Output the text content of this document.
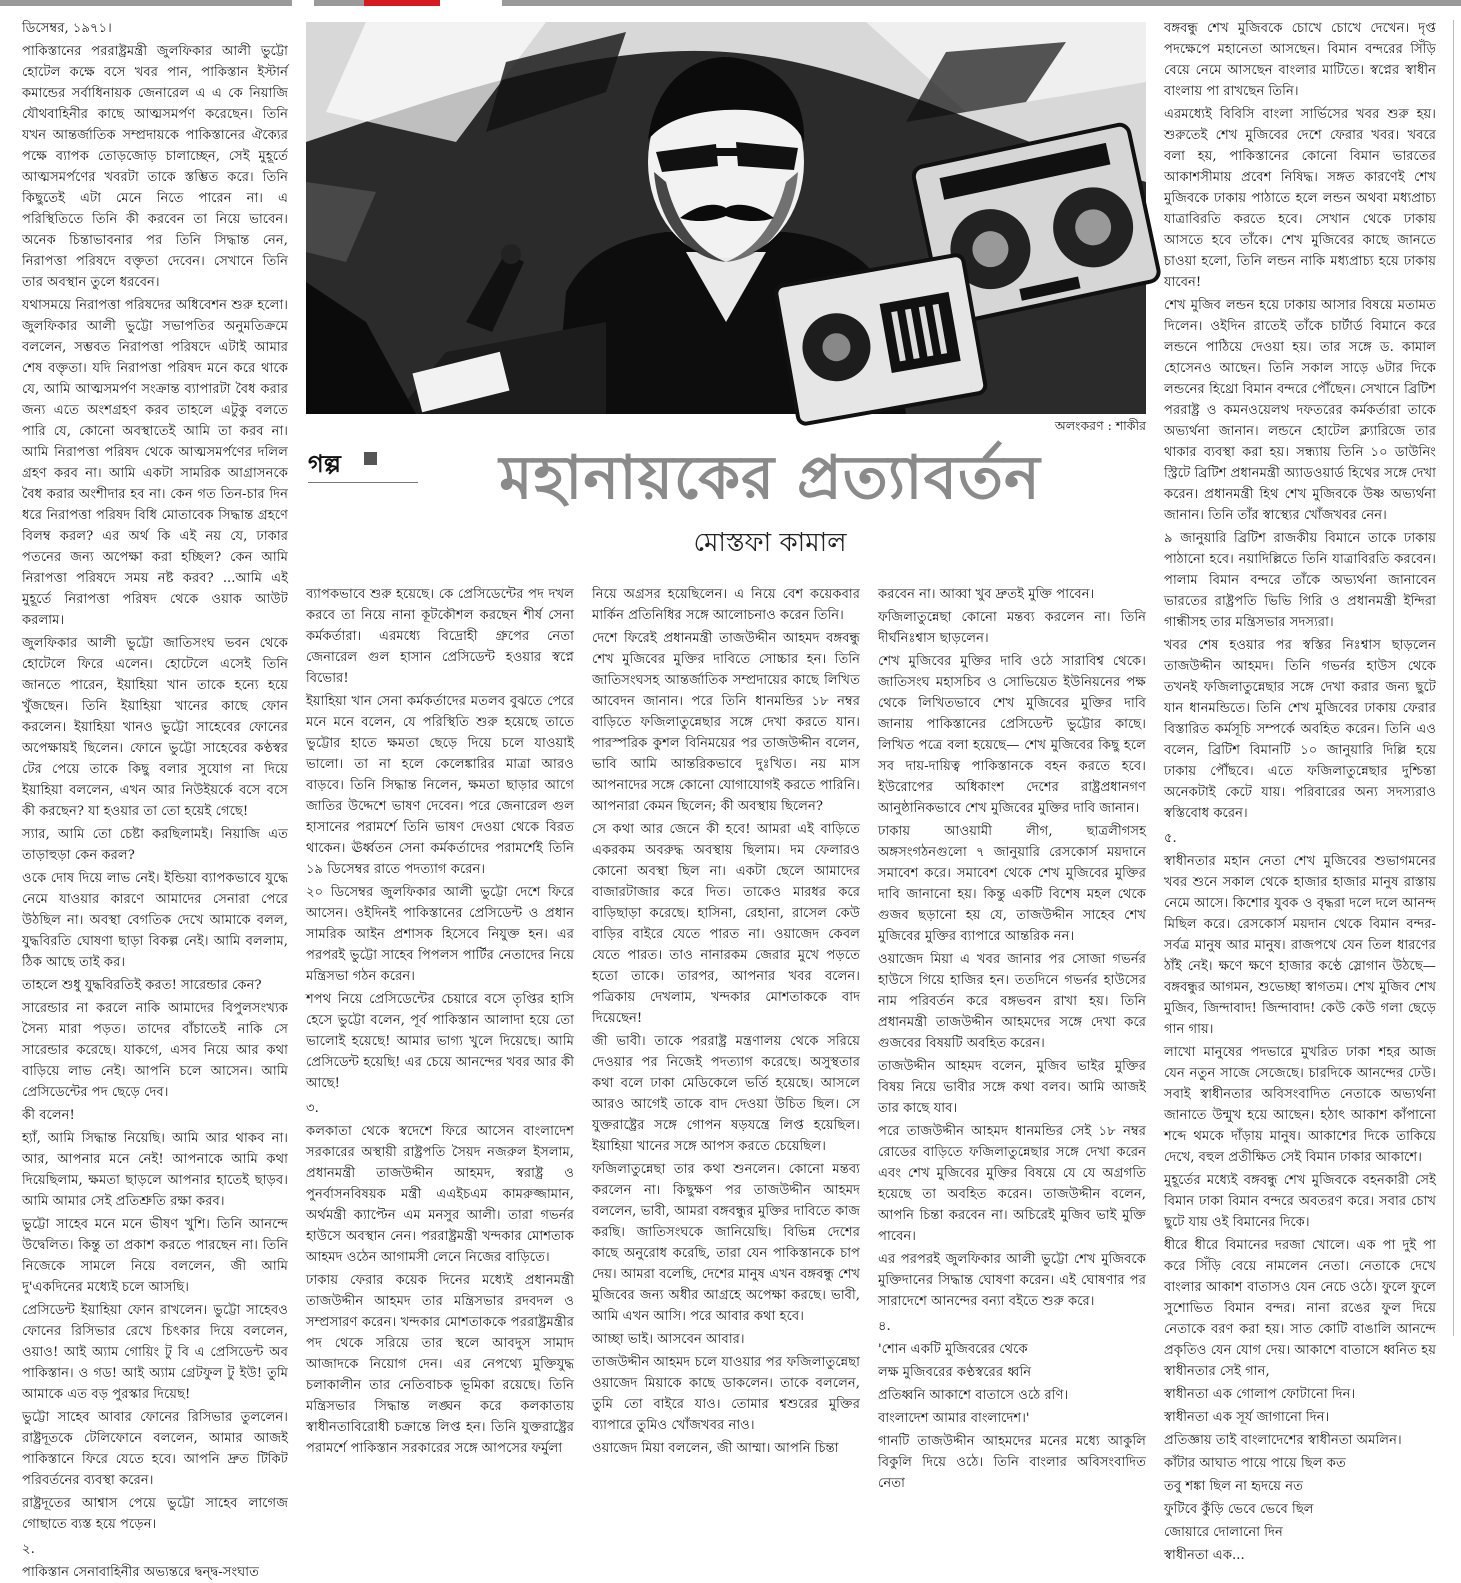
অলংকরণ : শাকীর
গল্প	মহানায়কের প্রত্যাবর্তন
মোস্তফা কামাল

ডিসেম্বর, ১৯৭১।

পাকিস্তানের পররাষ্ট্রমন্ত্রী জুলফিকার আলী ভুট্টো হোটেল কক্ষে বসে খবর পান, পাকিস্তান ইস্টার্ন কমান্ডের সর্বাধিনায়ক জেনারেল এ এ কে নিয়াজি যৌথবাহিনীর কাছে আত্মসমর্পণ করেছেন। তিনি যখন আন্তর্জাতিক সম্প্রদায়কে পাকিস্তানের ঐক্যের পক্ষে ব্যাপক তোড়জোড় চালাচ্ছেন, সেই মুহূর্তে আত্মসমর্পণের খবরটা তাকে স্তম্ভিত করে। তিনি কিছুতেই এটা মেনে নিতে পারেন না। এ পরিস্থিতিতে তিনি কী করবেন তা নিয়ে ভাবেন। অনেক চিন্তাভাবনার পর তিনি সিদ্ধান্ত নেন, নিরাপত্তা পরিষদে বক্তৃতা দেবেন। সেখানে তিনি তার অবস্থান তুলে ধরবেন।

যথাসময়ে নিরাপত্তা পরিষদের অধিবেশন শুরু হলো। জুলফিকার আলী ভুট্টো সভাপতির অনুমতিক্রমে বললেন, সম্ভবত নিরাপত্তা পরিষদে এটাই আমার শেষ বক্তৃতা। যদি নিরাপত্তা পরিষদ মনে করে থাকে যে, আমি আত্মসমর্পণ সংক্রান্ত ব্যাপারটা বৈধ করার জন্য এতে অংশগ্রহণ করব তাহলে এটুকু বলতে পারি যে, কোনো অবস্থাতেই আমি তা করব না। আমি নিরাপত্তা পরিষদ থেকে আত্মসমর্পণের দলিল গ্রহণ করব না। আমি একটা সামরিক আগ্রাসনকে বৈধ করার অংশীদার হব না। কেন গত তিন-চার দিন ধরে নিরাপত্তা পরিষদ বিধি মোতাবেক সিদ্ধান্ত গ্রহণে বিলম্ব করল? এর অর্থ কি এই নয় যে, ঢাকার পতনের জন্য অপেক্ষা করা হচ্ছিল? কেন আমি নিরাপত্তা পরিষদে সময় নষ্ট করব? ...আমি এই মুহূর্তে নিরাপত্তা পরিষদ থেকে ওয়াক আউট করলাম।

জুলফিকার আলী ভুট্টো জাতিসংঘ ভবন থেকে হোটেলে ফিরে এলেন। হোটেলে এসেই তিনি জানতে পারেন, ইয়াহিয়া খান তাকে হন্যে হয়ে খুঁজছেন। তিনি ইয়াহিয়া খানের কাছে ফোন করলেন। ইয়াহিয়া খানও ভুট্টো সাহেবের ফোনের অপেক্ষায়ই ছিলেন। ফোনে ভুট্টো সাহেবের কণ্ঠস্বর টের পেয়ে তাকে কিছু বলার সুযোগ না দিয়ে ইয়াহিয়া বললেন, এখন আর নিউইয়র্কে বসে বসে কী করছেন? যা হওয়ার তা তো হয়েই গেছে!

স্যার, আমি তো চেষ্টা করছিলামই। নিয়াজি এত তাড়াহুড়া কেন করল?

ওকে দোষ দিয়ে লাভ নেই। ইন্ডিয়া ব্যাপকভাবে যুদ্ধে নেমে যাওয়ার কারণে আমাদের সেনারা পেরে উঠছিল না। অবস্থা বেগতিক দেখে আমাকে বলল, যুদ্ধবিরতি ঘোষণা ছাড়া বিকল্প নেই। আমি বললাম, ঠিক আছে তাই কর।

তাহলে শুধু যুদ্ধবিরতিই করত! সারেন্ডার কেন?

সারেন্ডার না করলে নাকি আমাদের বিপুলসংখ্যক সৈন্য মারা পড়ত। তাদের বাঁচাতেই নাকি সে সারেন্ডার করেছে। যাকগে, এসব নিয়ে আর কথা বাড়িয়ে লাভ নেই। আপনি চলে আসেন। আমি প্রেসিডেন্টের পদ ছেড়ে দেব।

কী বলেন!

হ্যাঁ, আমি সিদ্ধান্ত নিয়েছি। আমি আর থাকব না। আর, আপনার মনে নেই! আপনাকে আমি কথা দিয়েছিলাম, ক্ষমতা ছাড়লে আপনার হাতেই ছাড়ব। আমি আমার সেই প্রতিশ্রুতি রক্ষা করব।

ভুট্টো সাহেব মনে মনে ভীষণ খুশি। তিনি আনন্দে উদ্বেলিত। কিন্তু তা প্রকাশ করতে পারছেন না। তিনি নিজেকে সামলে নিয়ে বললেন, জী আমি দু'একদিনের মধ্যেই চলে আসছি।

প্রেসিডেন্ট ইয়াহিয়া ফোন রাখলেন। ভুট্টো সাহেবও ফোনের রিসিভার রেখে চিৎকার দিয়ে বললেন, ওয়াও! আই অ্যাম গোয়িং টু বি এ প্রেসিডেন্ট অব পাকিস্তান। ও গড! আই অ্যাম গ্রেটফুল টু ইউ! তুমি আমাকে এত বড় পুরস্কার দিয়েছ!

ভুট্টো সাহেব আবার ফোনের রিসিভার তুললেন। রাষ্ট্রদূতকে টেলিফোনে বললেন, আমার আজই পাকিস্তানে ফিরে যেতে হবে। আপনি দ্রুত টিকিট পরিবর্তনের ব্যবস্থা করেন।

রাষ্ট্রদূতের আশ্বাস পেয়ে ভুট্টো সাহেব লাগেজ গোছাতে ব্যস্ত হয়ে পড়েন।

২.

পাকিস্তান সেনাবাহিনীর অভ্যন্তরে দ্বন্দ্ব-সংঘাত

ব্যাপকভাবে শুরু হয়েছে। কে প্রেসিডেন্টের পদ দখল করবে তা নিয়ে নানা কূটকৌশল করছেন শীর্ষ সেনা কর্মকর্তারা। এরমধ্যে বিদ্রোহী গ্রুপের নেতা জেনারেল গুল হাসান প্রেসিডেন্ট হওয়ার স্বপ্নে বিভোর!

ইয়াহিয়া খান সেনা কর্মকর্তাদের মতলব বুঝতে পেরে মনে মনে বলেন, যে পরিস্থিতি শুরু হয়েছে তাতে ভুট্টোর হাতে ক্ষমতা ছেড়ে দিয়ে চলে যাওয়াই ভালো। তা না হলে কেলেঙ্কারির মাত্রা আরও বাড়বে। তিনি সিদ্ধান্ত নিলেন, ক্ষমতা ছাড়ার আগে জাতির উদ্দেশে ভাষণ দেবেন। পরে জেনারেল গুল হাসানের পরামর্শে তিনি ভাষণ দেওয়া থেকে বিরত থাকেন। ঊর্ধ্বতন সেনা কর্মকর্তাদের পরামর্শেই তিনি ১৯ ডিসেম্বর রাতে পদত্যাগ করেন।

২০ ডিসেম্বর জুলফিকার আলী ভুট্টো দেশে ফিরে আসেন। ওইদিনই পাকিস্তানের প্রেসিডেন্ট ও প্রধান সামরিক আইন প্রশাসক হিসেবে নিযুক্ত হন। এর পরপরই ভুট্টো সাহেব পিপলস পার্টির নেতাদের নিয়ে মন্ত্রিসভা গঠন করেন।

শপথ নিয়ে প্রেসিডেন্টের চেয়ারে বসে তৃপ্তির হাসি হেসে ভুট্টো বলেন, পূর্ব পাকিস্তান আলাদা হয়ে তো ভালোই হয়েছে! আমার ভাগ্য খুলে দিয়েছে। আমি প্রেসিডেন্ট হয়েছি! এর চেয়ে আনন্দের খবর আর কী আছে!

৩.

কলকাতা থেকে স্বদেশে ফিরে আসেন বাংলাদেশ সরকারের অস্থায়ী রাষ্ট্রপতি সৈয়দ নজরুল ইসলাম, প্রধানমন্ত্রী তাজউদ্দীন আহমদ, স্বরাষ্ট্র ও পুনর্বাসনবিষয়ক মন্ত্রী এএইচএম কামরুজ্জামান, অর্থমন্ত্রী ক্যাপ্টেন এম মনসুর আলী। তারা গভর্নর হাউসে অবস্থান নেন। পররাষ্ট্রমন্ত্রী খন্দকার মোশতাক আহমদ ওঠেন আগামসী লেনে নিজের বাড়িতে।

ঢাকায় ফেরার কয়েক দিনের মধ্যেই প্রধানমন্ত্রী তাজউদ্দীন আহমদ তার মন্ত্রিসভার রদবদল ও সম্প্রসারণ করেন। খন্দকার মোশতাককে পররাষ্ট্রমন্ত্রীর পদ থেকে সরিয়ে তার স্থলে আবদুস সামাদ আজাদকে নিয়োগ দেন। এর নেপথ্যে মুক্তিযুদ্ধ চলাকালীন তার নেতিবাচক ভূমিকা রয়েছে। তিনি মন্ত্রিসভার সিদ্ধান্ত লঙ্ঘন করে কলকাতায় স্বাধীনতাবিরোধী চক্রান্তে লিপ্ত হন। তিনি যুক্তরাষ্ট্রের পরামর্শে পাকিস্তান সরকারের সঙ্গে আপসের ফর্মুলা

নিয়ে অগ্রসর হয়েছিলেন। এ নিয়ে বেশ কয়েকবার মার্কিন প্রতিনিধির সঙ্গে আলোচনাও করেন তিনি।

দেশে ফিরেই প্রধানমন্ত্রী তাজউদ্দীন আহমদ বঙ্গবন্ধু শেখ মুজিবের মুক্তির দাবিতে সোচ্চার হন। তিনি জাতিসংঘসহ আন্তর্জাতিক সম্প্রদায়ের কাছে লিখিত আবেদন জানান। পরে তিনি ধানমন্ডির ১৮ নম্বর বাড়িতে ফজিলাতুন্নেছার সঙ্গে দেখা করতে যান। পারস্পরিক কুশল বিনিময়ের পর তাজউদ্দীন বলেন, ভাবি আমি আন্তরিকভাবে দুঃখিত। নয় মাস আপনাদের সঙ্গে কোনো যোগাযোগই করতে পারিনি। আপনারা কেমন ছিলেন; কী অবস্থায় ছিলেন?

সে কথা আর জেনে কী হবে! আমরা এই বাড়িতে একরকম অবরুদ্ধ অবস্থায় ছিলাম। দম ফেলারও কোনো অবস্থা ছিল না। একটা ছেলে আমাদের বাজারটাজার করে দিত। তাকেও মারধর করে বাড়িছাড়া করেছে। হাসিনা, রেহানা, রাসেল কেউ বাড়ির বাইরে যেতে পারত না। ওয়াজেদ কেবল যেতে পারত। তাও নানারকম জেরার মুখে পড়তে হতো তাকে। তারপর, আপনার খবর বলেন। পত্রিকায় দেখলাম, খন্দকার মোশতাককে বাদ দিয়েছেন!

জী ভাবী। তাকে পররাষ্ট্র মন্ত্রণালয় থেকে সরিয়ে দেওয়ার পর নিজেই পদত্যাগ করেছে। অসুস্থতার কথা বলে ঢাকা মেডিকেলে ভর্তি হয়েছে। আসলে আরও আগেই তাকে বাদ দেওয়া উচিত ছিল। সে যুক্তরাষ্ট্রের সঙ্গে গোপন ষড়যন্ত্রে লিপ্ত হয়েছিল। ইয়াহিয়া খানের সঙ্গে আপস করতে চেয়েছিল।

ফজিলাতুন্নেছা তার কথা শুনলেন। কোনো মন্তব্য করলেন না। কিছুক্ষণ পর তাজউদ্দীন আহমদ বললেন, ভাবী, আমরা বঙ্গবন্ধুর মুক্তির দাবিতে কাজ করছি। জাতিসংঘকে জানিয়েছি। বিভিন্ন দেশের কাছে অনুরোধ করেছি, তারা যেন পাকিস্তানকে চাপ দেয়। আমরা বলেছি, দেশের মানুষ এখন বঙ্গবন্ধু শেখ মুজিবের জন্য অধীর আগ্রহে অপেক্ষা করছে। ভাবী, আমি এখন আসি। পরে আবার কথা হবে।

আচ্ছা ভাই। আসবেন আবার।

তাজউদ্দীন আহমদ চলে যাওয়ার পর ফজিলাতুন্নেছা ওয়াজেদ মিয়াকে কাছে ডাকলেন। তাকে বললেন, তুমি তো বাইরে যাও। তোমার শ্বশুরের মুক্তির ব্যাপারে তুমিও খোঁজখবর নাও।

ওয়াজেদ মিয়া বললেন, জী আম্মা। আপনি চিন্তা

করবেন না। আব্বা খুব দ্রুতই মুক্তি পাবেন।

ফজিলাতুন্নেছা কোনো মন্তব্য করলেন না। তিনি দীর্ঘনিঃশ্বাস ছাড়লেন।

শেখ মুজিবের মুক্তির দাবি ওঠে সারাবিশ্ব থেকে। জাতিসংঘ মহাসচিব ও সোভিয়েত ইউনিয়নের পক্ষ থেকে লিখিতভাবে শেখ মুজিবের মুক্তির দাবি জানায় পাকিস্তানের প্রেসিডেন্ট ভুট্টোর কাছে। লিখিত পত্রে বলা হয়েছে— শেখ মুজিবের কিছু হলে সব দায়-দায়িত্ব পাকিস্তানকে বহন করতে হবে। ইউরোপের অধিকাংশ দেশের রাষ্ট্রপ্রধানগণ আনুষ্ঠানিকভাবে শেখ মুজিবের মুক্তির দাবি জানান।

ঢাকায় আওয়ামী লীগ, ছাত্রলীগসহ অঙ্গসংগঠনগুলো ৭ জানুয়ারি রেসকোর্স ময়দানে সমাবেশ করে। সমাবেশ থেকে শেখ মুজিবের মুক্তির দাবি জানানো হয়। কিন্তু একটি বিশেষ মহল থেকে গুজব ছড়ানো হয় যে, তাজউদ্দীন সাহেব শেখ মুজিবের মুক্তির ব্যাপারে আন্তরিক নন।

ওয়াজেদ মিয়া এ খবর জানার পর সোজা গভর্নর হাউসে গিয়ে হাজির হন। ততদিনে গভর্নর হাউসের নাম পরিবর্তন করে বঙ্গভবন রাখা হয়। তিনি প্রধানমন্ত্রী তাজউদ্দীন আহমদের সঙ্গে দেখা করে গুজবের বিষয়টি অবহিত করেন।

তাজউদ্দীন আহমদ বলেন, মুজিব ভাইর মুক্তির বিষয় নিয়ে ভাবীর সঙ্গে কথা বলব। আমি আজই তার কাছে যাব।

পরে তাজউদ্দীন আহমদ ধানমন্ডির সেই ১৮ নম্বর রোডের বাড়িতে ফজিলাতুন্নেছার সঙ্গে দেখা করেন এবং শেখ মুজিবের মুক্তির বিষয়ে যে যে অগ্রগতি হয়েছে তা অবহিত করেন। তাজউদ্দীন বলেন, আপনি চিন্তা করবেন না। অচিরেই মুজিব ভাই মুক্তি পাবেন।

এর পরপরই জুলফিকার আলী ভুট্টো শেখ মুজিবকে মুক্তিদানের সিদ্ধান্ত ঘোষণা করেন। এই ঘোষণার পর সারাদেশে আনন্দের বন্যা বইতে শুরু করে।

৪.

'শোন একটি মুজিবরের থেকে

লক্ষ মুজিবরের কণ্ঠস্বরের ধ্বনি

প্রতিধ্বনি আকাশে বাতাসে ওঠে রণি।

বাংলাদেশ আমার বাংলাদেশ।'

গানটি তাজউদ্দীন আহমদের মনের মধ্যে আকুলি বিকুলি দিয়ে ওঠে। তিনি বাংলার অবিসংবাদিত নেতা

বঙ্গবন্ধু শেখ মুজিবকে চোখে চোখে দেখেন। দৃপ্ত পদক্ষেপে মহানেতা আসছেন। বিমান বন্দরের সিঁড়ি বেয়ে নেমে আসছেন বাংলার মাটিতে। স্বপ্নের স্বাধীন বাংলায় পা রাখছেন তিনি।

এরমধ্যেই বিবিসি বাংলা সার্ভিসের খবর শুরু হয়। শুরুতেই শেখ মুজিবের দেশে ফেরার খবর। খবরে বলা হয়, পাকিস্তানের কোনো বিমান ভারতের আকাশসীমায় প্রবেশ নিষিদ্ধ। সঙ্গত কারণেই শেখ মুজিবকে ঢাকায় পাঠাতে হলে লন্ডন অথবা মধ্যপ্রাচ্য যাত্রাবিরতি করতে হবে। সেখান থেকে ঢাকায় আসতে হবে তাঁকে। শেখ মুজিবের কাছে জানতে চাওয়া হলো, তিনি লন্ডন নাকি মধ্যপ্রাচ্য হয়ে ঢাকায় যাবেন!

শেখ মুজিব লন্ডন হয়ে ঢাকায় আসার বিষয়ে মতামত দিলেন। ওইদিন রাতেই তাঁকে চার্টার্ড বিমানে করে লন্ডনে পাঠিয়ে দেওয়া হয়। তার সঙ্গে ড. কামাল হোসেনও আছেন। তিনি সকাল সাড়ে ৬টার দিকে লন্ডনের হিথ্রো বিমান বন্দরে পৌঁছেন। সেখানে ব্রিটিশ পররাষ্ট্র ও কমনওয়েলথ দফতরের কর্মকর্তারা তাকে অভ্যর্থনা জানান। লন্ডনে হোটেল ক্ল্যারিজে তার থাকার ব্যবস্থা করা হয়। সন্ধ্যায় তিনি ১০ ডাউনিং স্ট্রিটে ব্রিটিশ প্রধানমন্ত্রী অ্যাডওয়ার্ড হিথের সঙ্গে দেখা করেন। প্রধানমন্ত্রী হিথ শেখ মুজিবকে উষ্ণ অভ্যর্থনা জানান। তিনি তাঁর স্বাস্থ্যের খোঁজখবর নেন।

৯ জানুয়ারি ব্রিটিশ রাজকীয় বিমানে তাকে ঢাকায় পাঠানো হবে। নয়াদিল্লিতে তিনি যাত্রাবিরতি করবেন। পালাম বিমান বন্দরে তাঁকে অভ্যর্থনা জানাবেন ভারতের রাষ্ট্রপতি ভিভি গিরি ও প্রধানমন্ত্রী ইন্দিরা গান্ধীসহ তার মন্ত্রিসভার সদস্যরা।

খবর শেষ হওয়ার পর স্বস্তির নিঃশ্বাস ছাড়লেন তাজউদ্দীন আহমদ। তিনি গভর্নর হাউস থেকে তখনই ফজিলাতুন্নেছার সঙ্গে দেখা করার জন্য ছুটে যান ধানমন্ডিতে। তিনি শেখ মুজিবের ঢাকায় ফেরার বিস্তারিত কর্মসূচি সম্পর্কে অবহিত করেন। তিনি এও বলেন, ব্রিটিশ বিমানটি ১০ জানুয়ারি দিল্লি হয়ে ঢাকায় পৌঁছবে। এতে ফজিলাতুন্নেছার দুশ্চিন্তা অনেকটাই কেটে যায়। পরিবারের অন্য সদস্যরাও স্বস্তিবোধ করেন।

৫.

স্বাধীনতার মহান নেতা শেখ মুজিবের শুভাগমনের খবর শুনে সকাল থেকে হাজার হাজার মানুষ রাস্তায় নেমে আসে। কিশোর যুবক ও বৃদ্ধরা দলে দলে আনন্দ মিছিল করে। রেসকোর্স ময়দান থেকে বিমান বন্দর-সর্বত্র মানুষ আর মানুষ। রাজপথে যেন তিল ধারণের ঠাঁই নেই। ক্ষণে ক্ষণে হাজার কণ্ঠে স্লোগান উঠছে— বঙ্গবন্ধুর আগমন, শুভেচ্ছা স্বাগতম। শেখ মুজিব শেখ মুজিব, জিন্দাবাদ! জিন্দাবাদ! কেউ কেউ গলা ছেড়ে গান গায়।

লাখো মানুষের পদভারে মুখরিত ঢাকা শহর আজ যেন নতুন সাজে সেজেছে। চারদিকে আনন্দের ঢেউ। সবাই স্বাধীনতার অবিসংবাদিত নেতাকে অভ্যর্থনা জানাতে উন্মুখ হয়ে আছেন। হঠাৎ আকাশ কাঁপানো শব্দে থমকে দাঁড়ায় মানুষ। আকাশের দিকে তাকিয়ে দেখে, বহুল প্রতীক্ষিত সেই বিমান ঢাকার আকাশে।

মুহূর্তের মধ্যেই বঙ্গবন্ধু শেখ মুজিবকে বহনকারী সেই বিমান ঢাকা বিমান বন্দরে অবতরণ করে। সবার চোখ ছুটে যায় ওই বিমানের দিকে।

ধীরে ধীরে বিমানের দরজা খোলে। এক পা দুই পা করে সিঁড়ি বেয়ে নামলেন নেতা। নেতাকে দেখে বাংলার আকাশ বাতাসও যেন নেচে ওঠে। ফুলে ফুলে সুশোভিত বিমান বন্দর। নানা রঙের ফুল দিয়ে নেতাকে বরণ করা হয়। সাত কোটি বাঙালি আনন্দে প্রকৃতিও যেন যোগ দেয়। আকাশে বাতাসে ধ্বনিত হয় স্বাধীনতার সেই গান,

স্বাধীনতা এক গোলাপ ফোটানো দিন।

স্বাধীনতা এক সূর্য জাগানো দিন।

প্রতিজ্ঞায় তাই বাংলাদেশের স্বাধীনতা অমলিন।

কাঁটার আঘাত পায়ে পায়ে ছিল কত

তবু শঙ্কা ছিল না হৃদয়ে নত

ফুটিবে কুঁড়ি ভেবে ভেবে ছিল

জোয়ারে দোলানো দিন

স্বাধীনতা এক...
